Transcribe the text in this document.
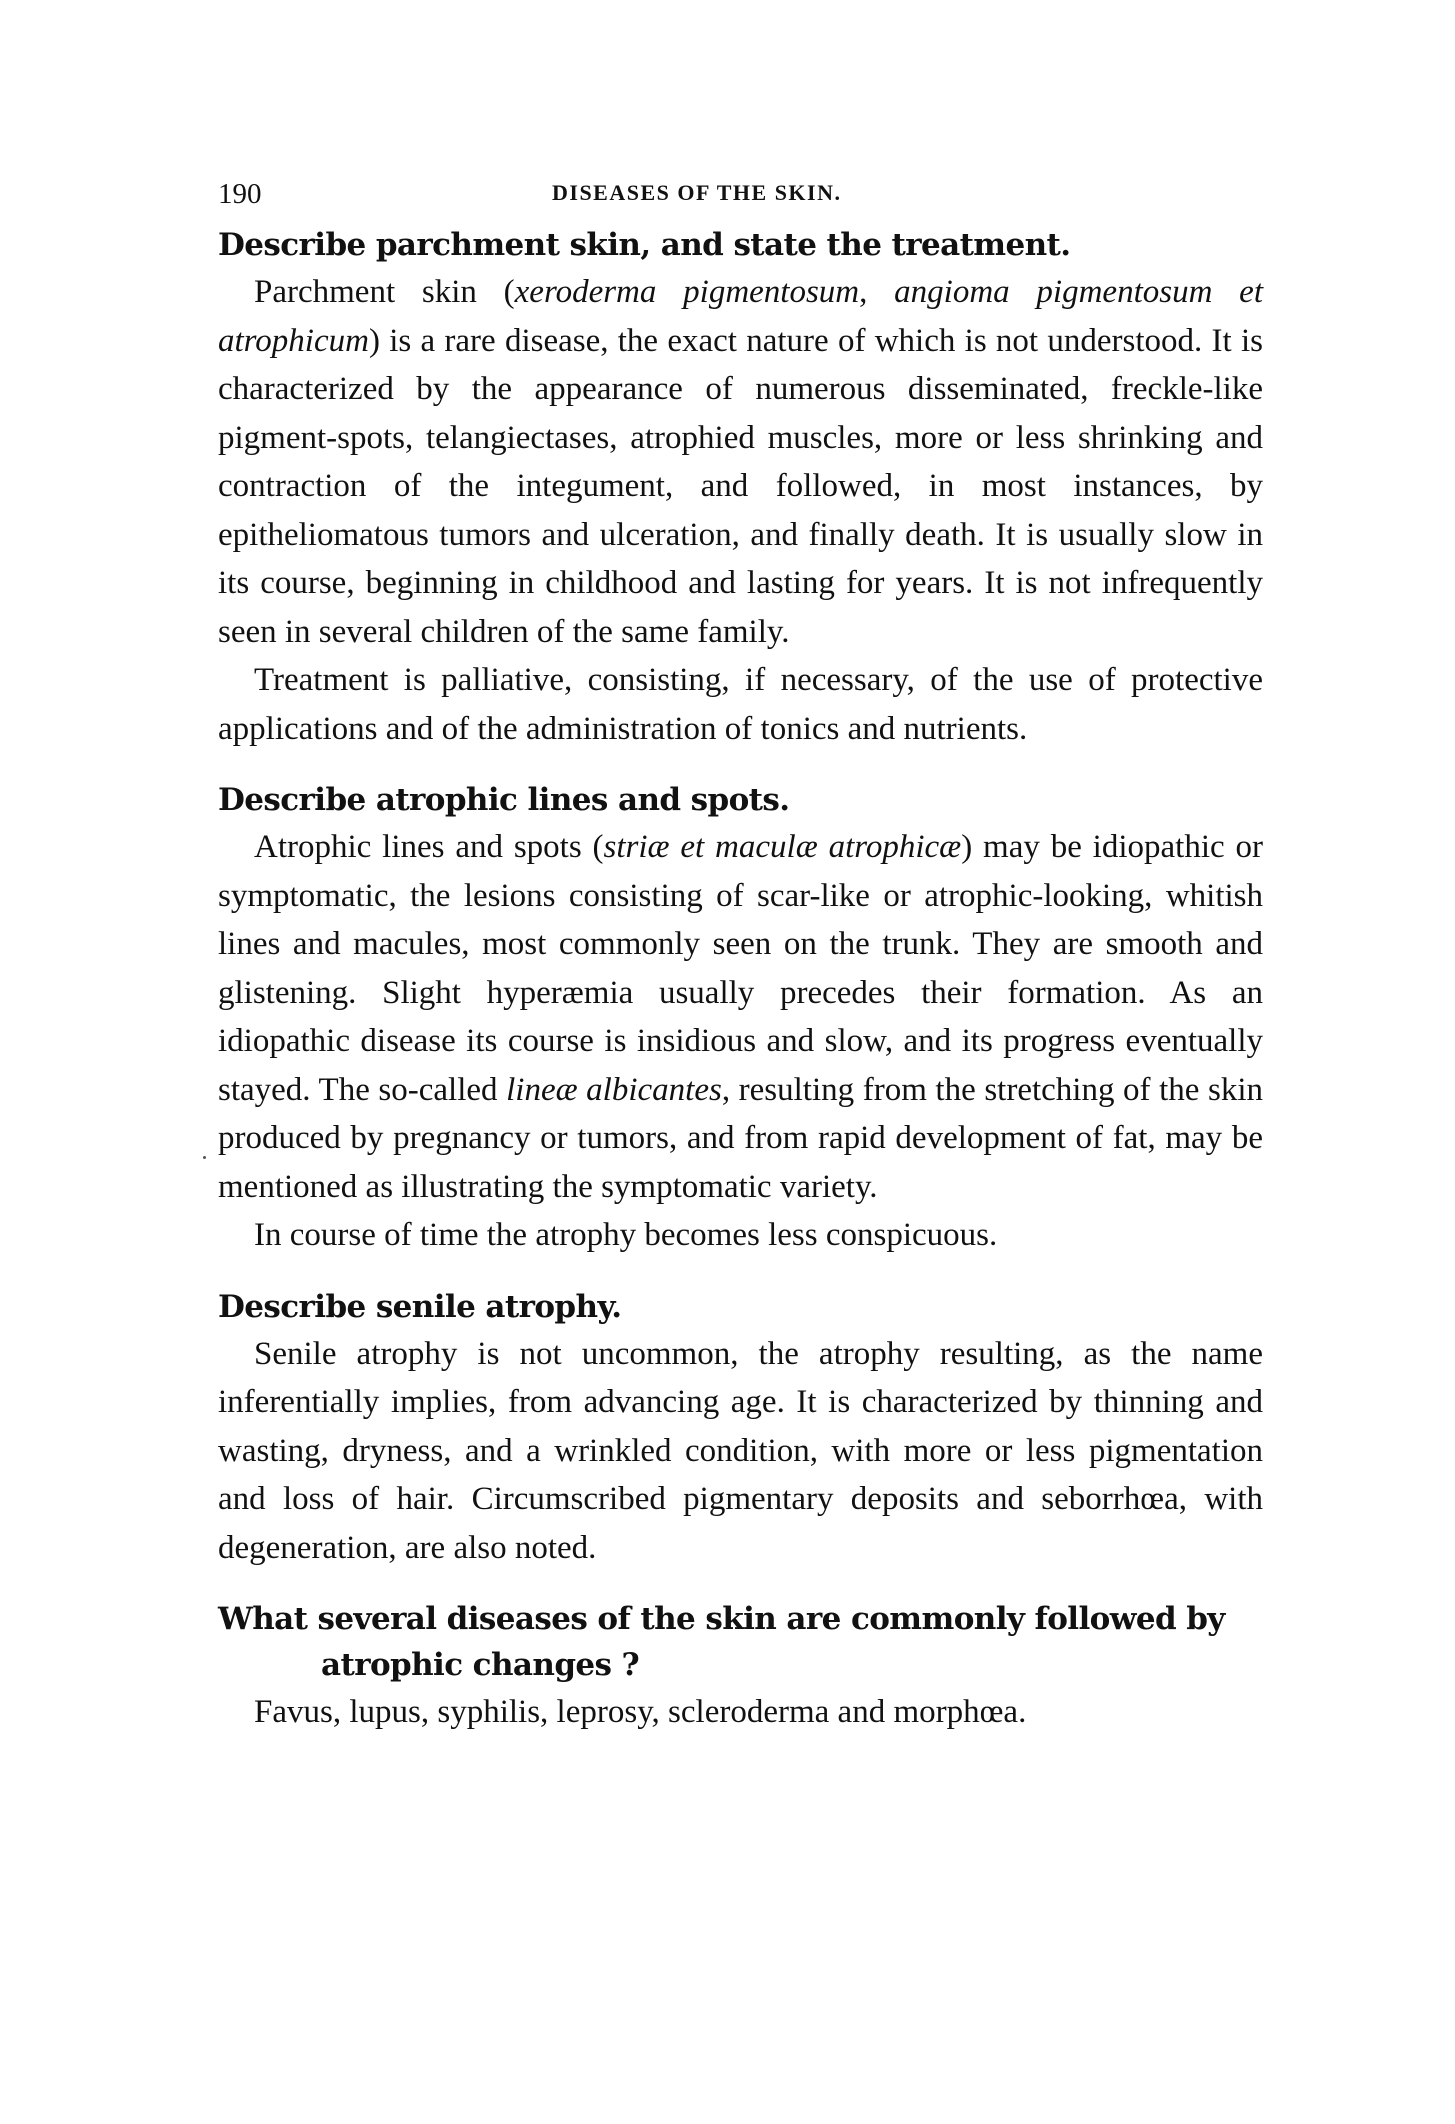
190	DISEASES OF THE SKIN.
Describe parchment skin, and state the treatment.

Parchment skin (xeroderma pigmentosum, angioma pigmentosum et atrophicum) is a rare disease, the exact nature of which is not understood. It is characterized by the appearance of numerous disseminated, freckle-like pigment-spots, telangiectases, atrophied muscles, more or less shrinking and contraction of the integument, and followed, in most instances, by epitheliomatous tumors and ulceration, and finally death. It is usually slow in its course, beginning in childhood and lasting for years. It is not infrequently seen in several children of the same family.

Treatment is palliative, consisting, if necessary, of the use of protective applications and of the administration of tonics and nutrients.

Describe atrophic lines and spots.

Atrophic lines and spots (striæ et maculæ atrophicæ) may be idiopathic or symptomatic, the lesions consisting of scar-like or atrophic-looking, whitish lines and macules, most commonly seen on the trunk. They are smooth and glistening. Slight hyperæmia usually precedes their formation. As an idiopathic disease its course is insidious and slow, and its progress eventually stayed. The so-called lineæ albicantes, resulting from the stretching of the skin produced by pregnancy or tumors, and from rapid development of fat, may be mentioned as illustrating the symptomatic variety.

In course of time the atrophy becomes less conspicuous.

Describe senile atrophy.

Senile atrophy is not uncommon, the atrophy resulting, as the name inferentially implies, from advancing age. It is characterized by thinning and wasting, dryness, and a wrinkled condition, with more or less pigmentation and loss of hair. Circumscribed pigmentary deposits and seborrhœa, with degeneration, are also noted.

What several diseases of the skin are commonly followed by
atrophic changes ?

Favus, lupus, syphilis, leprosy, scleroderma and morphœa.
